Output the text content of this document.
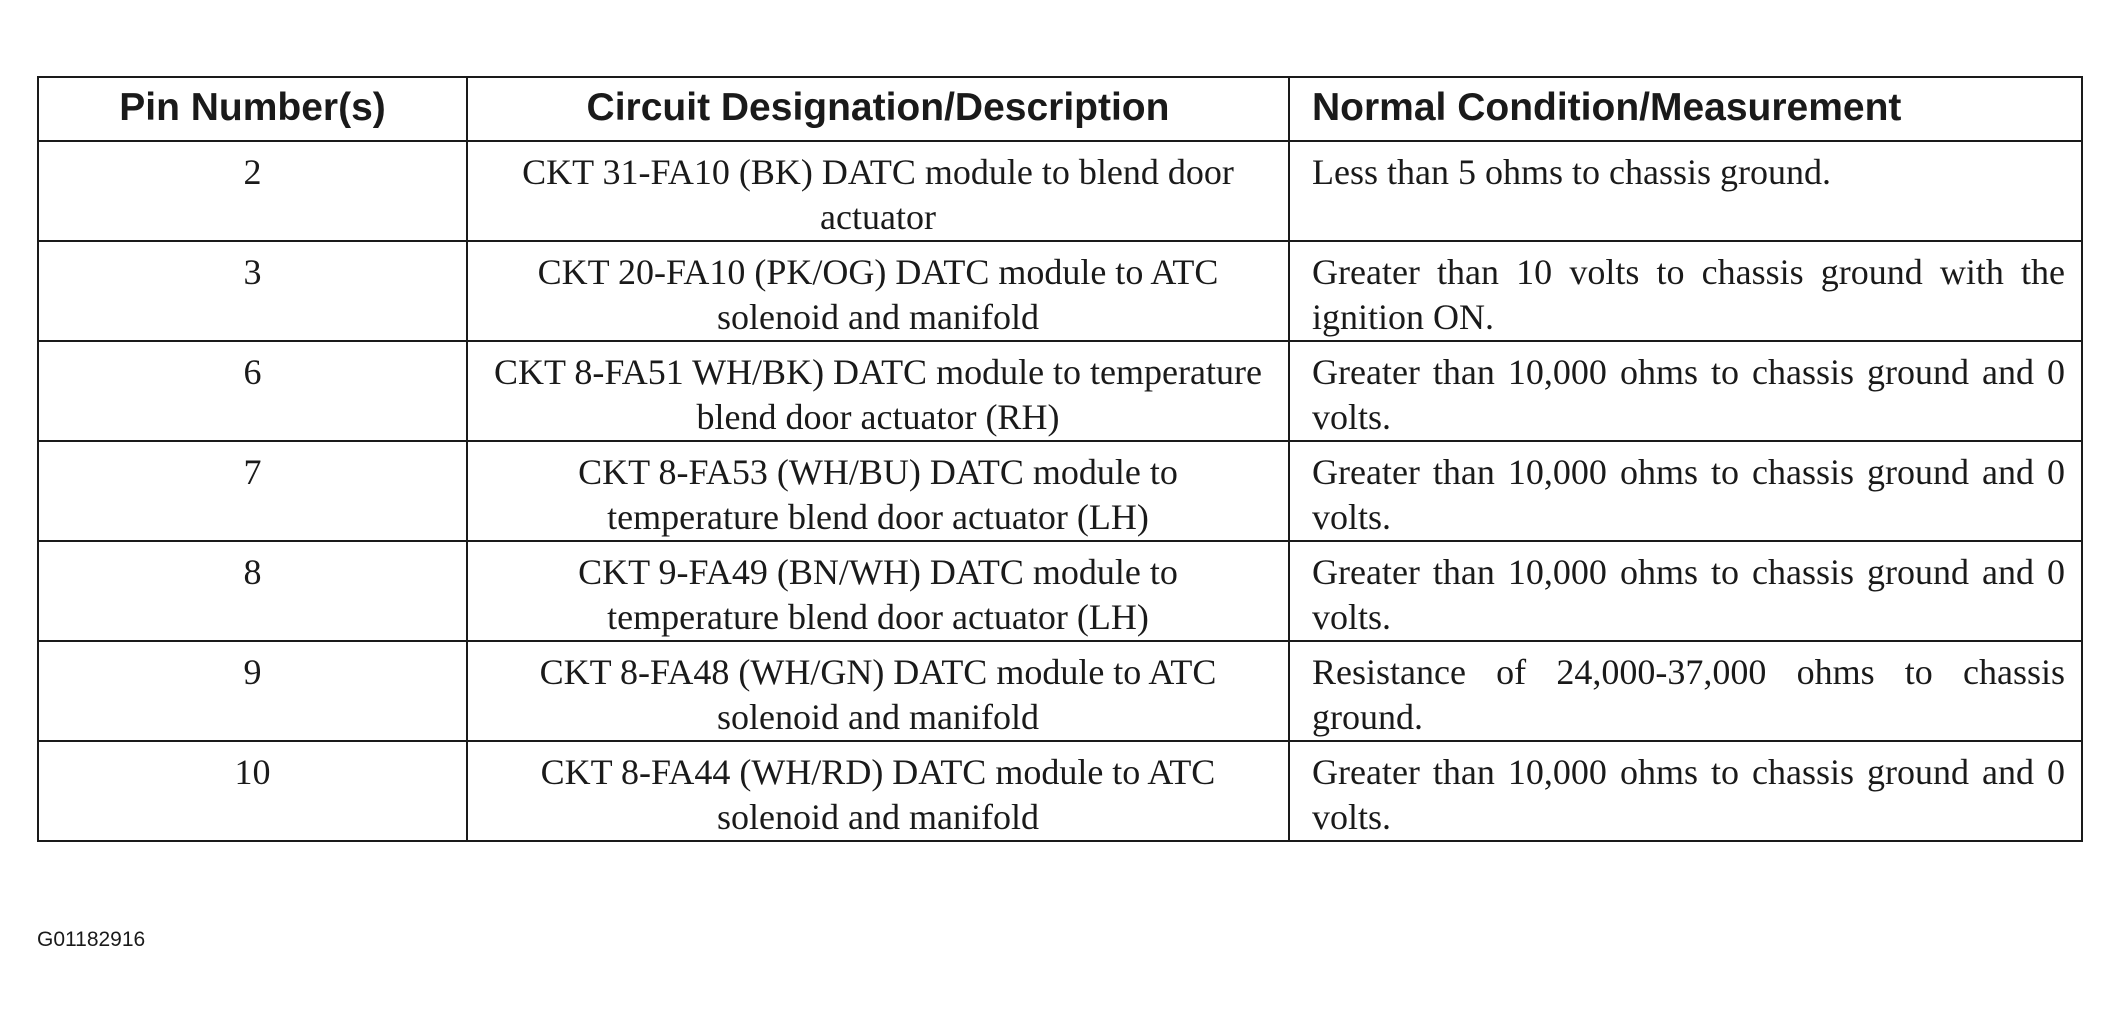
Pin Number(s)	Circuit Designation/Description	Normal Condition/Measurement
2	CKT 31-FA10 (BK) DATC module to blend door actuator	Less than 5 ohms to chassis ground.
3	CKT 20-FA10 (PK/OG) DATC module to ATC solenoid and manifold	Greater than 10 volts to chassis ground with the ignition ON.
6	CKT 8-FA51 WH/BK) DATC module to temperature blend door actuator (RH)	Greater than 10,000 ohms to chassis ground and 0 volts.
7	CKT 8-FA53 (WH/BU) DATC module to temperature blend door actuator (LH)	Greater than 10,000 ohms to chassis ground and 0 volts.
8	CKT 9-FA49 (BN/WH) DATC module to temperature blend door actuator (LH)	Greater than 10,000 ohms to chassis ground and 0 volts.
9	CKT 8-FA48 (WH/GN) DATC module to ATC solenoid and manifold	Resistance of 24,000-37,000 ohms to chassis ground.
10	CKT 8-FA44 (WH/RD) DATC module to ATC solenoid and manifold	Greater than 10,000 ohms to chassis ground and 0 volts.
G01182916
